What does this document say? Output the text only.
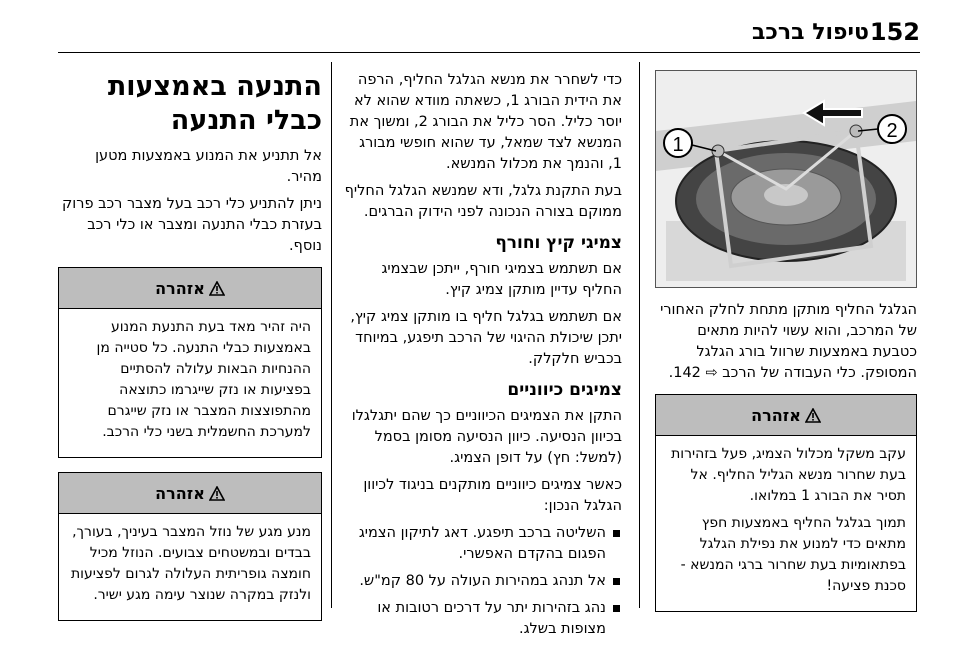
152
טיפול ברכב
1
2

הגלגל החליף מותקן מתחת לחלק האחורי של המרכב, והוא עשוי להיות מתאים כטבעת באמצעות שרוול בורג הגלגל המסופק. כלי העבודה של הרכב ⇨ 142.

אזהרה

עקב משקל מכלול הצמיג, פעל בזהירות בעת שחרור מנשא הגליל החליף. אל תסיר את הבורג 1 במלואו.

תמוך בגלגל החליף באמצעות חפץ מתאים כדי למנוע את נפילת הגלגל בפתאומיות בעת שחרור ברגי המנשא - סכנת פציעה!

כדי לשחרר את מנשא הגלגל החליף, הרפה את הידית הבורג 1, כשאתה מוודא שהוא לא יוסר כליל. הסר כליל את הבורג 2, ומשוך את המנשא לצד שמאל, עד שהוא חופשי מבורג 1, והנמך את מכלול המנשא.

בעת התקנת גלגל, ודא שמנשא הגלגל החליף ממוקם בצורה הנכונה לפני הידוק הברגים.

צמיגי קיץ וחורף

אם תשתמש בצמיגי חורף, ייתכן שבצמיג החליף עדיין מותקן צמיג קיץ.

אם תשתמש בגלגל חליף בו מותקן צמיג קיץ, יתכן שיכולת ההיגוי של הרכב תיפגע, במיוחד בכביש חלקלק.

צמיגים כיווניים

התקן את הצמיגים הכיווניים כך שהם יתגלגלו בכיוון הנסיעה. כיוון הנסיעה מסומן בסמל (למשל: חץ) על דופן הצמיג.

כאשר צמיגים כיווניים מותקנים בניגוד לכיוון הגלגל הנכון:

השליטה ברכב תיפגע. דאג לתיקון הצמיג הפגום בהקדם האפשרי.
אל תנהג במהירות העולה על 80 קמ"ש.
נהג בזהירות יתר על דרכים רטובות או מצופות בשלג.
התנעה באמצעות כבלי התנעה

אל תתניע את המנוע באמצעות מטען מהיר.

ניתן להתניע כלי רכב בעל מצבר רכב פרוק בעזרת כבלי התנעה ומצבר או כלי רכב נוסף.

אזהרה

היה זהיר מאד בעת התנעת המנוע באמצעות כבלי התנעה. כל סטייה מן ההנחיות הבאות עלולה להסתיים בפציעות או נזק שייגרמו כתוצאה מהתפוצצות המצבר או נזק שייגרם למערכת החשמלית בשני כלי הרכב.

אזהרה

מנע מגע של נוזל המצבר בעיניך, בעורך, בבדים ובמשטחים צבועים. הנוזל מכיל חומצה גופריתית העלולה לגרום לפציעות ולנזק במקרה שנוצר עימה מגע ישיר.
